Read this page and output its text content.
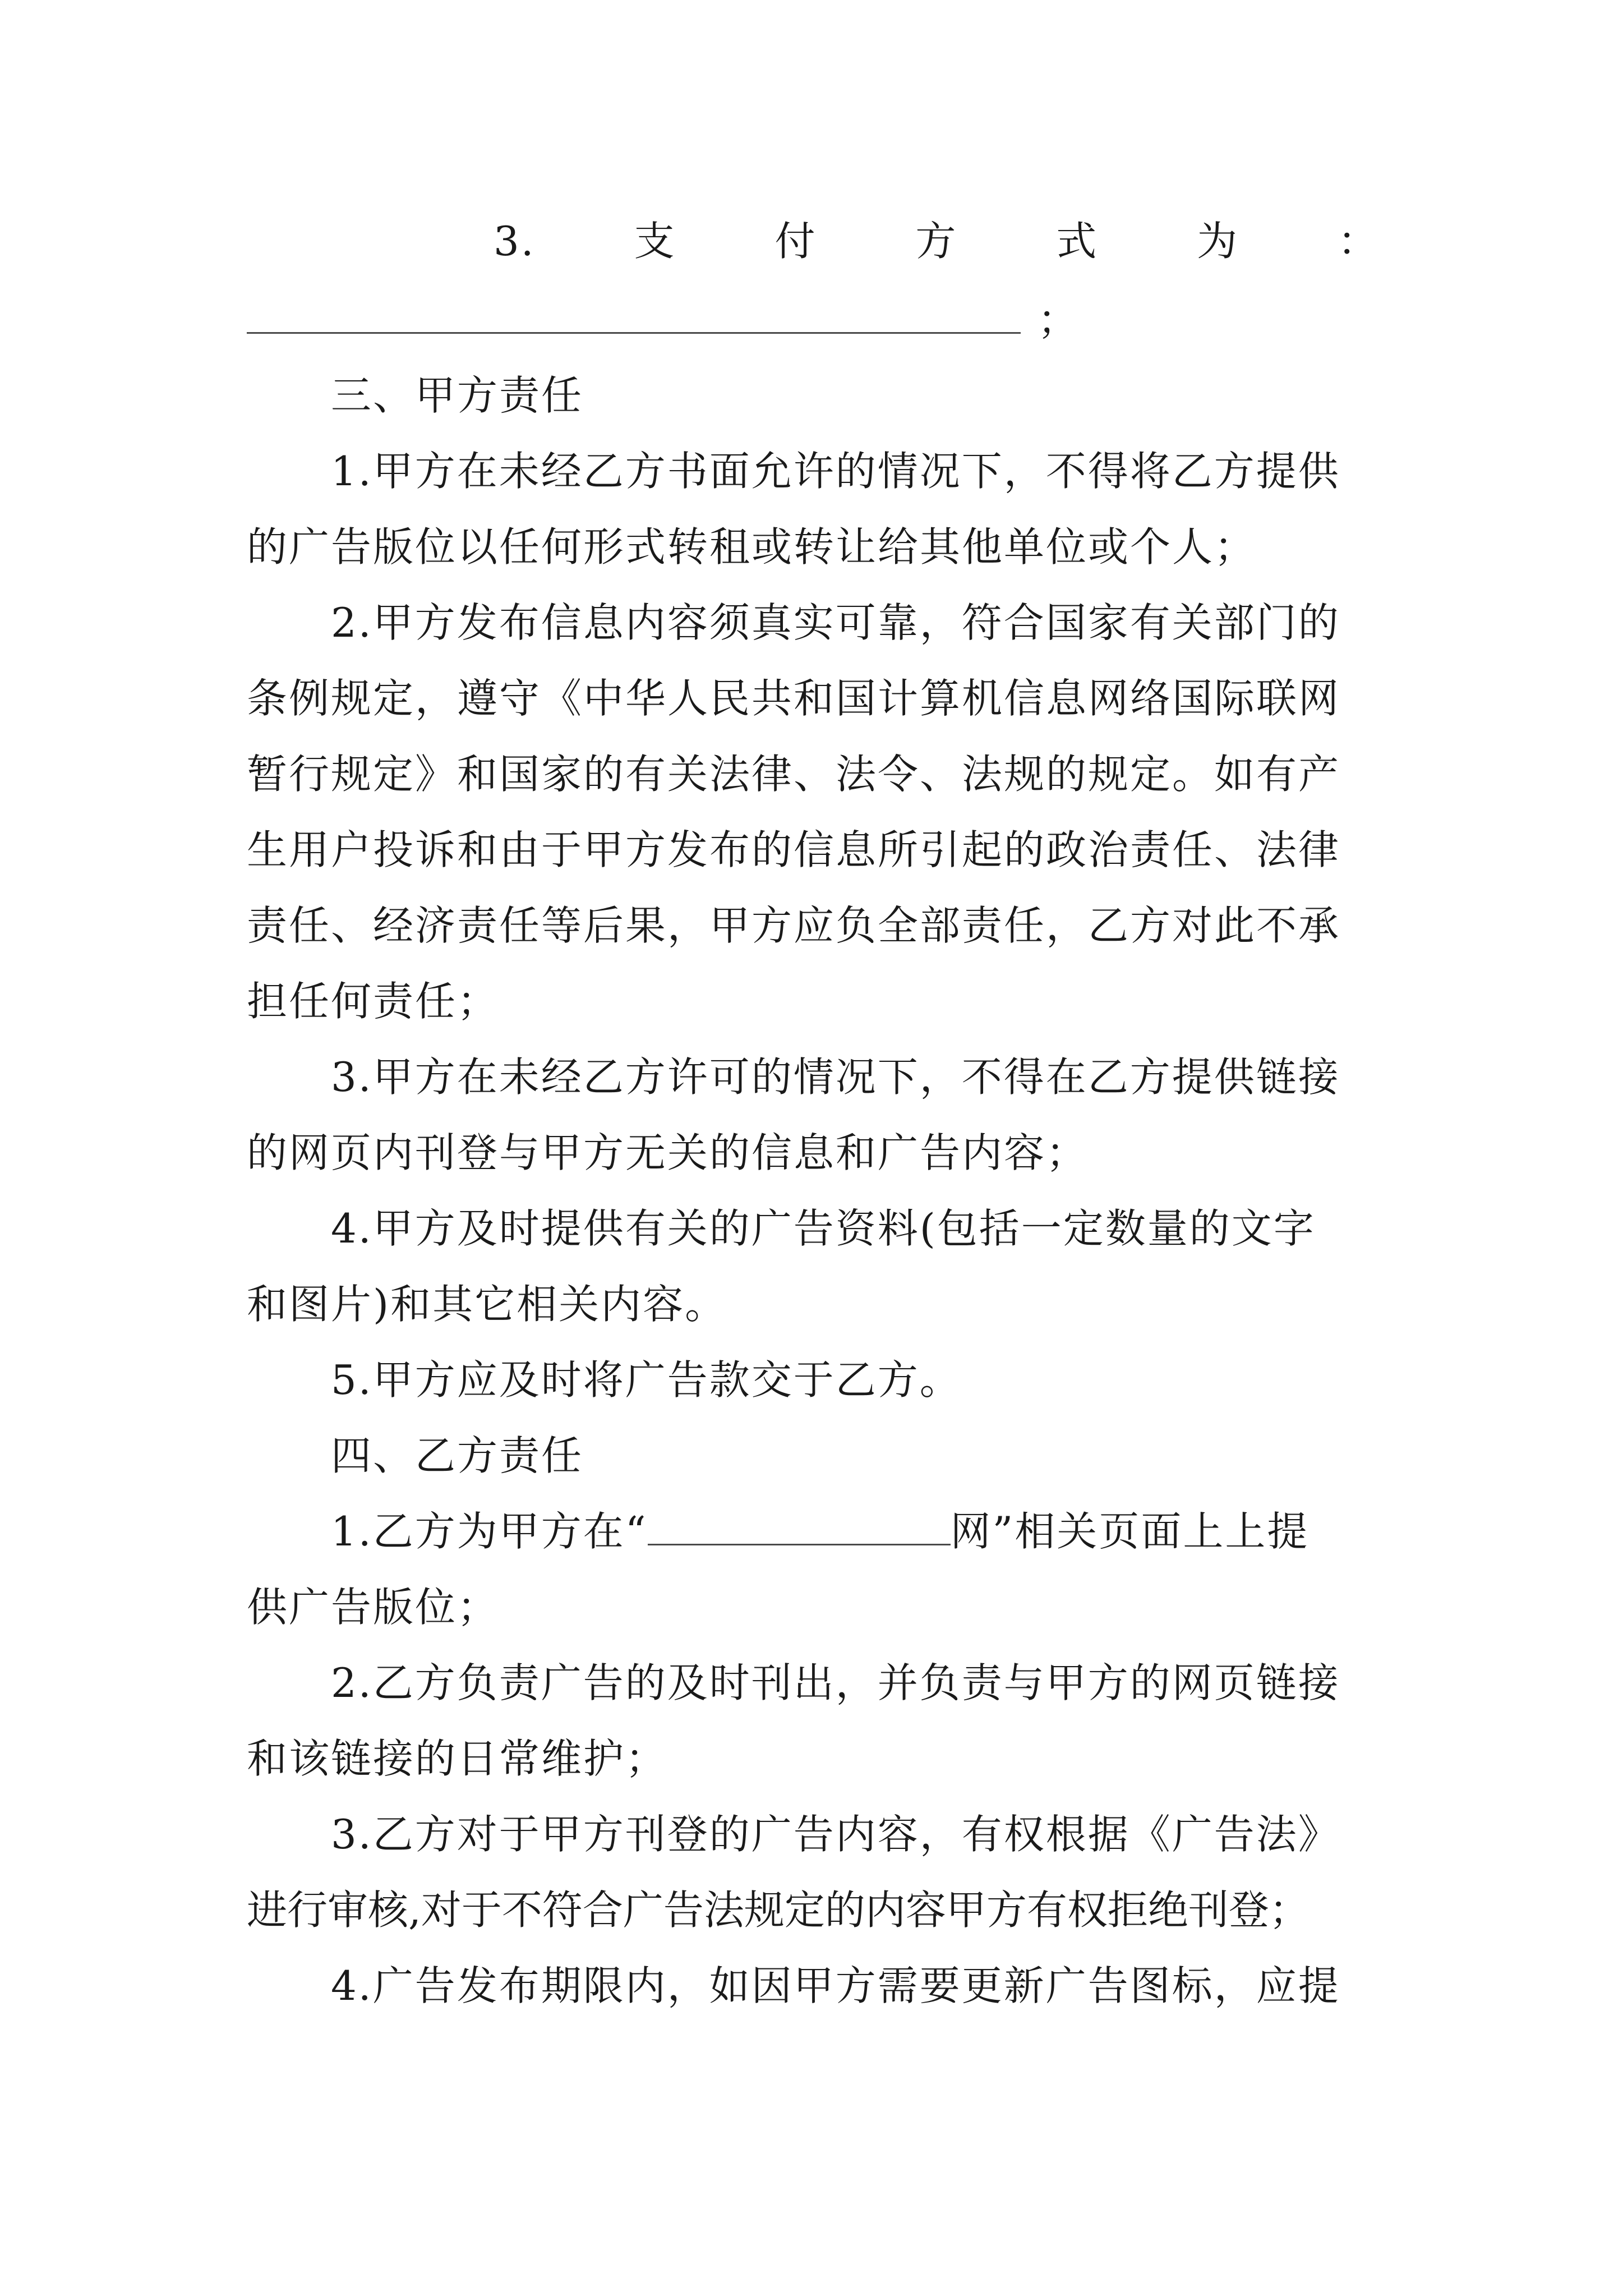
3. 支 付 方 式 为 ：
；
三、甲方责任
1.甲方在未经乙方书面允许的情况下，不得将乙方提供
的广告版位以任何形式转租或转让给其他单位或个人；
2.甲方发布信息内容须真实可靠，符合国家有关部门的
条例规定，遵守《中华人民共和国计算机信息网络国际联网
暂行规定》和国家的有关法律、法令、法规的规定。如有产
生用户投诉和由于甲方发布的信息所引起的政治责任、法律
责任、经济责任等后果，甲方应负全部责任，乙方对此不承
担任何责任；
3.甲方在未经乙方许可的情况下，不得在乙方提供链接
的网页内刊登与甲方无关的信息和广告内容；
4.甲方及时提供有关的广告资料(包括一定数量的文字
和图片)和其它相关内容。
5.甲方应及时将广告款交于乙方。
四、乙方责任
1.乙方为甲方在“	网”相关页面上上提
供广告版位；
2.乙方负责广告的及时刊出，并负责与甲方的网页链接
和该链接的日常维护；
3.乙方对于甲方刊登的广告内容，有权根据《广告法》
进行审核,对于不符合广告法规定的内容甲方有权拒绝刊登；
4.广告发布期限内，如因甲方需要更新广告图标，应提
